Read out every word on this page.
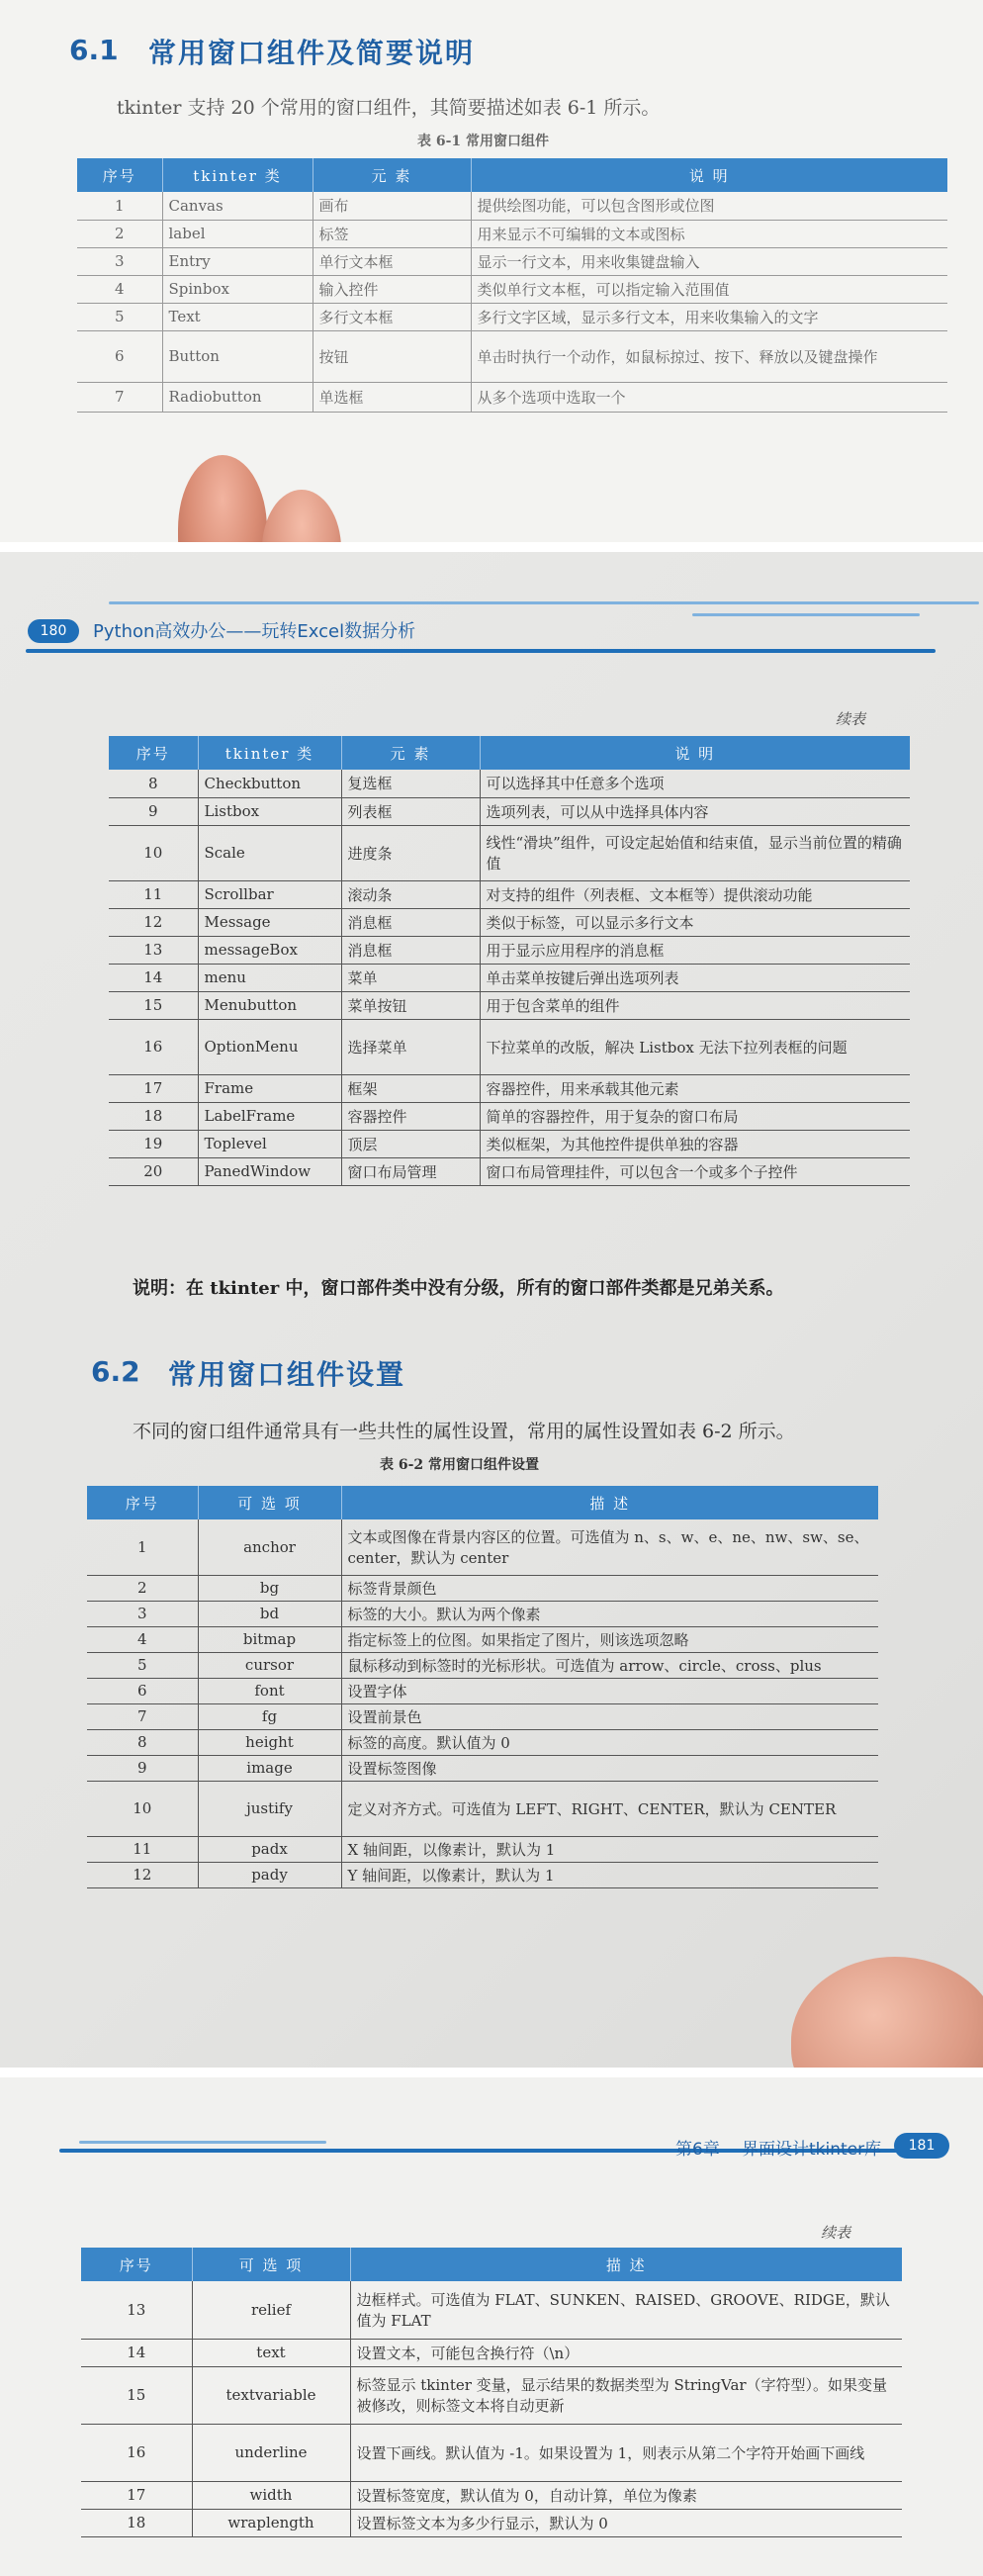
6.1 常用窗口组件及简要说明
tkinter 支持 20 个常用的窗口组件，其简要描述如表 6-1 所示。
表 6-1 常用窗口组件
序号	tkinter 类	元 素	说 明
1	Canvas	画布	提供绘图功能，可以包含图形或位图
2	label	标签	用来显示不可编辑的文本或图标
3	Entry	单行文本框	显示一行文本，用来收集键盘输入
4	Spinbox	输入控件	类似单行文本框，可以指定输入范围值
5	Text	多行文本框	多行文字区域，显示多行文本，用来收集输入的文字
6	Button	按钮	单击时执行一个动作，如鼠标掠过、按下、释放以及键盘操作
7	Radiobutton	单选框	从多个选项中选取一个
180	Python高效办公——玩转Excel数据分析
续表
序号	tkinter 类	元 素	说 明
8	Checkbutton	复选框	可以选择其中任意多个选项
9	Listbox	列表框	选项列表，可以从中选择具体内容
10	Scale	进度条	线性“滑块”组件，可设定起始值和结束值，显示当前位置的精确值
11	Scrollbar	滚动条	对支持的组件（列表框、文本框等）提供滚动功能
12	Message	消息框	类似于标签，可以显示多行文本
13	messageBox	消息框	用于显示应用程序的消息框
14	menu	菜单	单击菜单按键后弹出选项列表
15	Menubutton	菜单按钮	用于包含菜单的组件
16	OptionMenu	选择菜单	下拉菜单的改版，解决 Listbox 无法下拉列表框的问题
17	Frame	框架	容器控件，用来承载其他元素
18	LabelFrame	容器控件	简单的容器控件，用于复杂的窗口布局
19	Toplevel	顶层	类似框架，为其他控件提供单独的容器
20	PanedWindow	窗口布局管理	窗口布局管理挂件，可以包含一个或多个子控件
说明：在 tkinter 中，窗口部件类中没有分级，所有的窗口部件类都是兄弟关系。
6.2 常用窗口组件设置
不同的窗口组件通常具有一些共性的属性设置，常用的属性设置如表 6-2 所示。
表 6-2 常用窗口组件设置
序号	可 选 项	描 述
1	anchor	文本或图像在背景内容区的位置。可选值为 n、s、w、e、ne、nw、sw、se、center，默认为 center
2	bg	标签背景颜色
3	bd	标签的大小。默认为两个像素
4	bitmap	指定标签上的位图。如果指定了图片，则该选项忽略
5	cursor	鼠标移动到标签时的光标形状。可选值为 arrow、circle、cross、plus
6	font	设置字体
7	fg	设置前景色
8	height	标签的高度。默认值为 0
9	image	设置标签图像
10	justify	定义对齐方式。可选值为 LEFT、RIGHT、CENTER，默认为 CENTER
11	padx	X 轴间距，以像素计，默认为 1
12	pady	Y 轴间距，以像素计，默认为 1
第6章 界面设计tkinter库	181
续表
序号	可 选 项	描 述
13	relief	边框样式。可选值为 FLAT、SUNKEN、RAISED、GROOVE、RIDGE，默认值为 FLAT
14	text	设置文本，可能包含换行符（\n）
15	textvariable	标签显示 tkinter 变量，显示结果的数据类型为 StringVar（字符型）。如果变量被修改，则标签文本将自动更新
16	underline	设置下画线。默认值为 -1。如果设置为 1，则表示从第二个字符开始画下画线
17	width	设置标签宽度，默认值为 0，自动计算，单位为像素
18	wraplength	设置标签文本为多少行显示，默认为 0
